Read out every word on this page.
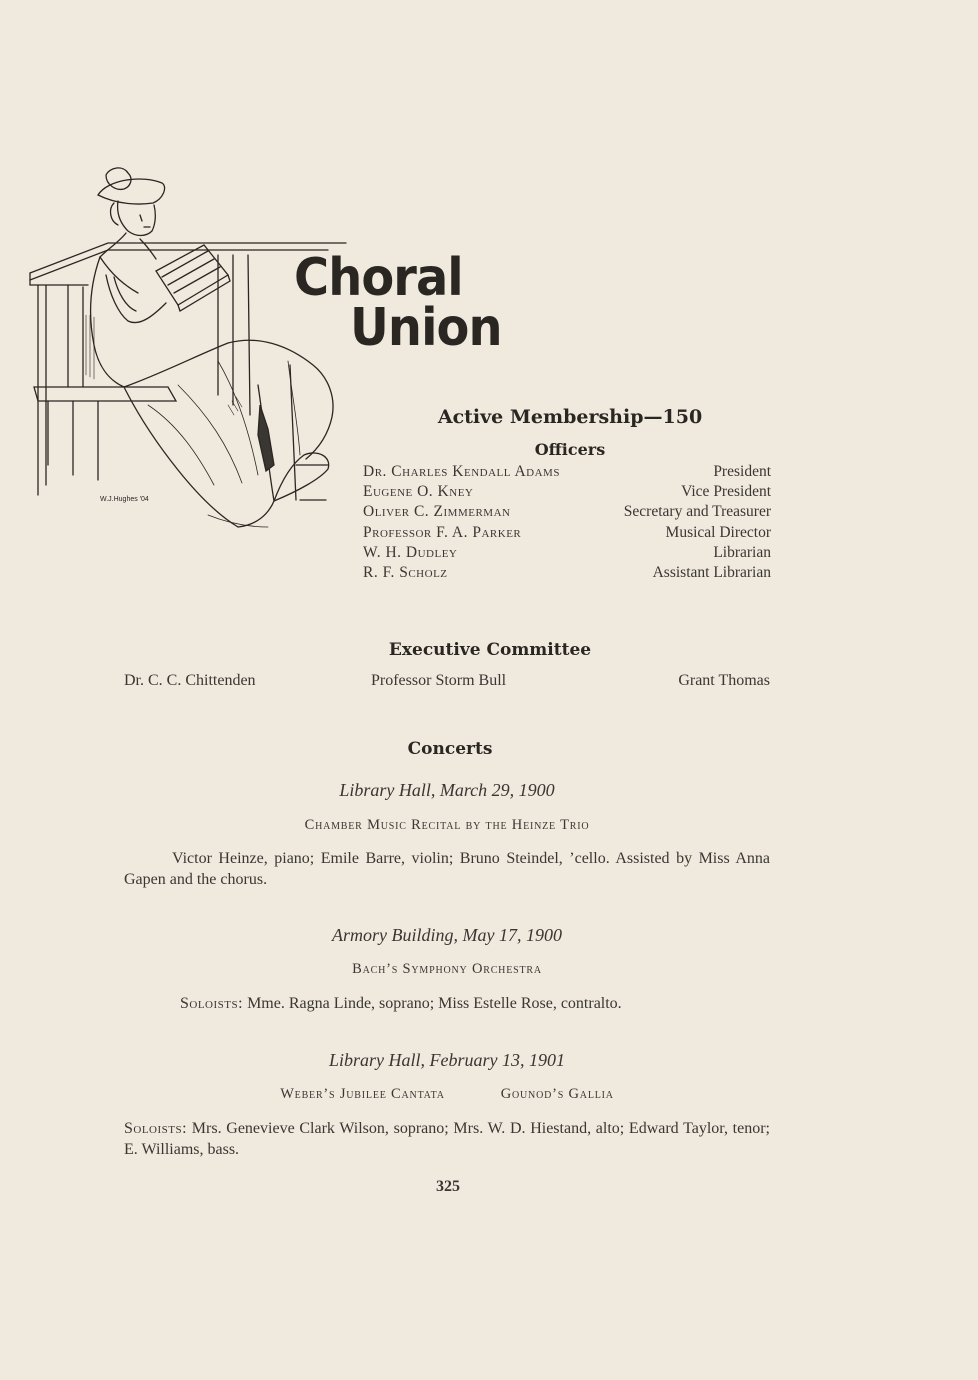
W.J.Hughes '04
Choral
Union
Active Membership—150
Officers
Dr. Charles Kendall Adams	President
Eugene O. Kney	Vice President
Oliver C. Zimmerman	Secretary and Treasurer
Professor F. A. Parker	Musical Director
W. H. Dudley	Librarian
R. F. Scholz	Assistant Librarian
Executive Committee
Dr. C. C. Chittenden	Professor Storm Bull	Grant Thomas
Concerts
Library Hall, March 29, 1900
Chamber Music Recital by the Heinze Trio
Victor Heinze, piano; Emile Barre, violin; Bruno Steindel, ’cello. Assisted by Miss Anna Gapen and the chorus.
Armory Building, May 17, 1900
Bach’s Symphony Orchestra
Soloists: Mme. Ragna Linde, soprano; Miss Estelle Rose, contralto.
Library Hall, February 13, 1901
Weber’s Jubilee Cantata	Gounod’s Gallia
Soloists: Mrs. Genevieve Clark Wilson, soprano; Mrs. W. D. Hiestand, alto; Edward Taylor, tenor; E. Williams, bass.
325
